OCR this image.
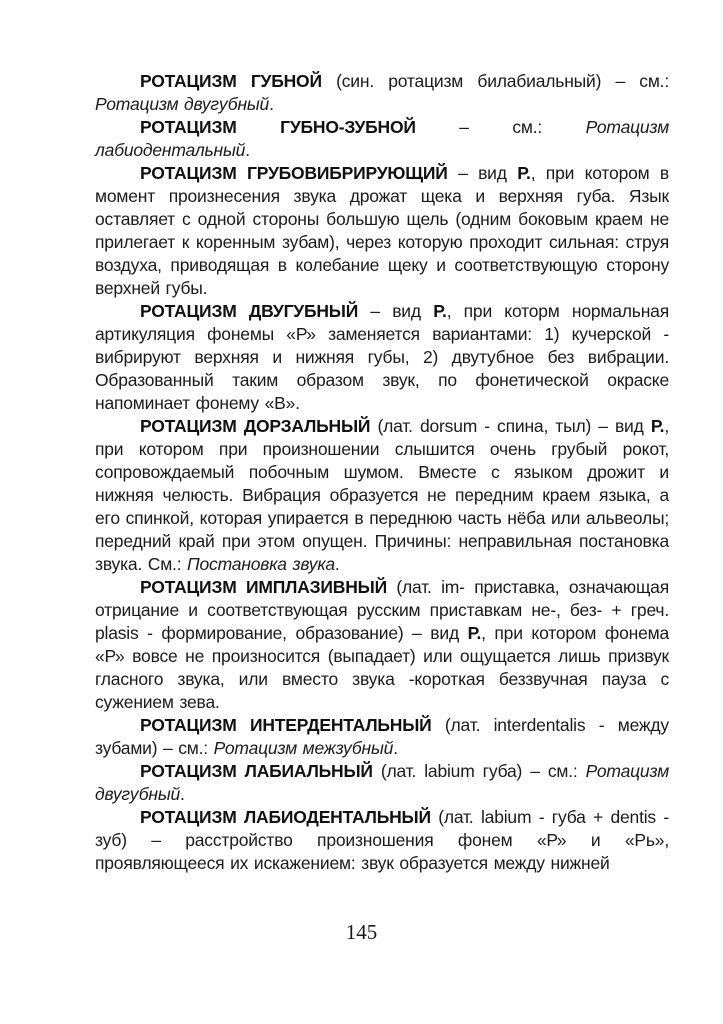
РОТАЦИЗМ ГУБНОЙ (син. ротацизм билабиальный) – см.: Ротацизм двугубный.

РОТАЦИЗМ ГУБНО-ЗУБНОЙ – см.: Ротацизм лабиодентальный.

РОТАЦИЗМ ГРУБОВИБРИРУЮЩИЙ – вид Р., при котором в момент произнесения звука дрожат щека и верхняя губа. Язык оставляет с одной стороны большую щель (одним боковым краем не прилегает к коренным зубам), через которую проходит сильная: струя воздуха, приводящая в колебание щеку и соответствующую сторону верхней губы.

РОТАЦИЗМ ДВУГУБНЫЙ – вид Р., при которм нормальная артикуляция фонемы «Р» заменяется вариантами: 1) кучерской - вибрируют верхняя и нижняя губы, 2) двутубное без вибрации. Образованный таким образом звук, по фонетической окраске напоминает фонему «В».

РОТАЦИЗМ ДОРЗАЛЬНЫЙ (лат. dorsum - спина, тыл) – вид Р., при котором при произношении слышится очень грубый рокот, сопровождаемый побочным шумом. Вместе с языком дрожит и нижняя челюсть. Вибрация образуется не передним краем языка, а его спинкой, которая упирается в переднюю часть нёба или альвеолы; передний край при этом опущен. Причины: неправильная постановка звука. См.: Постановка звука.

РОТАЦИЗМ ИМПЛАЗИВНЫЙ (лат. im- приставка, означающая отрицание и соответствующая русским приставкам не-, без- + греч. plasis - формирование, образование) – вид Р., при котором фонема «Р» вовсе не произносится (выпадает) или ощущается лишь призвук гласного звука, или вместо звука -короткая беззвучная пауза с сужением зева.

РОТАЦИЗМ ИНТЕРДЕНТАЛЬНЫЙ (лат. interdentalis - между зубами) – см.: Ротацизм межзубный.

РОТАЦИЗМ ЛАБИАЛЬНЫЙ (лат. labium губа) – см.: Ротацизм двугубный.

РОТАЦИЗМ ЛАБИОДЕНТАЛЬНЫЙ (лат. labium - губа + dentis - зуб) – расстройство произношения фонем «Р» и «Рь», проявляющееся их искажением: звук образуется между нижней

145
